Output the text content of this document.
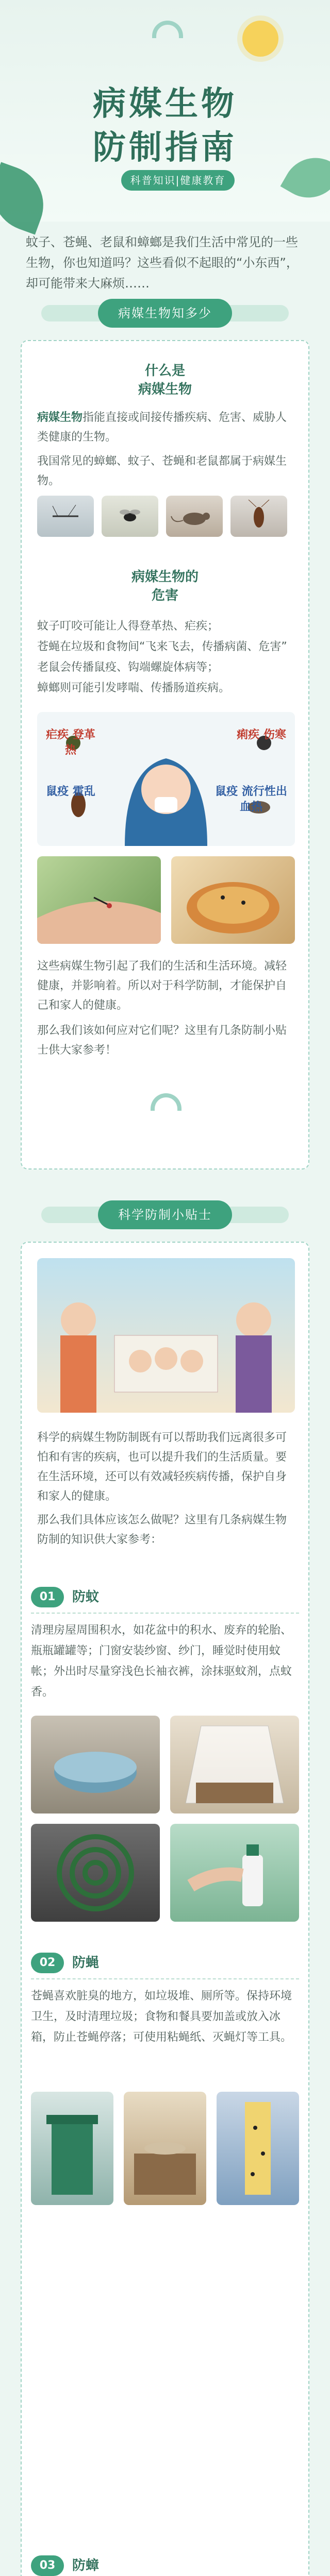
病媒生物
防制指南
科普知识|健康教育
蚊子、苍蝇、老鼠和蟑螂是我们生活中常见的一些生物，你也知道吗？这些看似不起眼的“小东西”，却可能带来大麻烦……
病媒生物知多少
什么是
病媒生物
病媒生物指能直接或间接传播疾病、危害、威胁人类健康的生物。
我国常见的蟑螂、蚊子、苍蝇和老鼠都属于病媒生物。
病媒生物的
危害
蚊子叮咬可能让人得登革热、疟疾；
苍蝇在垃圾和食物间“飞来飞去，传播病菌、危害”
老鼠会传播鼠疫、钩端螺旋体病等；
蟑螂则可能引发哮喘、传播肠道疾病。
疟疾 登革热
痢疾 伤寒
鼠疫 流行性出血热
鼠疫 霍乱
这些病媒生物引起了我们的生活和生活环境。减轻健康，并影响着。所以对于科学防制，才能保护自己和家人的健康。
那么我们该如何应对它们呢？这里有几条防制小贴士供大家参考！
科学防制小贴士
科学的病媒生物防制既有可以帮助我们远离很多可怕和有害的疾病，也可以提升我们的生活质量。要在生活环境，还可以有效减轻疾病传播，保护自身和家人的健康。
那么我们具体应该怎么做呢？这里有几条病媒生物防制的知识供大家参考：
01	防蚊
清理房屋周围积水，如花盆中的积水、废弃的轮胎、瓶瓶罐罐等；门窗安装纱窗、纱门，睡觉时使用蚊帐；外出时尽量穿浅色长袖衣裤，涂抹驱蚊剂，点蚊香。
02	防蝇
苍蝇喜欢脏臭的地方，如垃圾堆、厕所等。保持环境卫生，及时清理垃圾；食物和餐具要加盖或放入冰箱，防止苍蝇停落；可使用粘蝇纸、灭蝇灯等工具。
03	防蟑
